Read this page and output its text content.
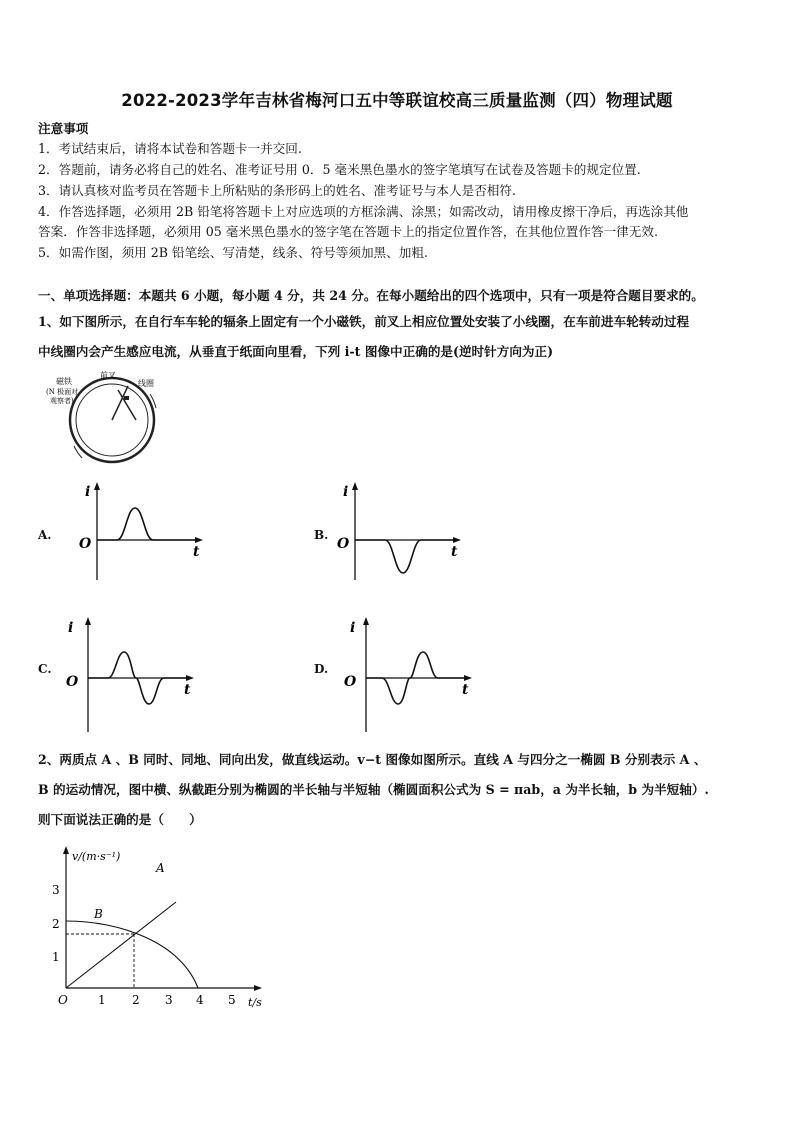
2022-2023学年吉林省梅河口五中等联谊校高三质量监测（四）物理试题
注意事项
1．考试结束后，请将本试卷和答题卡一并交回.
2．答题前，请务必将自己的姓名、准考证号用 0．5 毫米黑色墨水的签字笔填写在试卷及答题卡的规定位置.
3．请认真核对监考员在答题卡上所粘贴的条形码上的姓名、准考证号与本人是否相符.
4．作答选择题，必须用 2B 铅笔将答题卡上对应选项的方框涂满、涂黑；如需改动，请用橡皮擦干净后，再选涂其他
答案．作答非选择题，必须用 05 毫米黑色墨水的签字笔在答题卡上的指定位置作答，在其他位置作答一律无效.
5．如需作图，须用 2B 铅笔绘、写清楚，线条、符号等须加黑、加粗.
一、单项选择题：本题共 6 小题，每小题 4 分，共 24 分。在每小题给出的四个选项中，只有一项是符合题目要求的。
1、如下图所示，在自行车车轮的辐条上固定有一个小磁铁，前叉上相应位置处安装了小线圈，在车前进车轮转动过程
中线圈内会产生感应电流，从垂直于纸面向里看，下列 i-t 图像中正确的是(逆时针方向为正)
磁铁
(N 极面对
观察者)
前叉
线圈
A.
i
O	t
B.
i
O	t
C.
i
O	t
D.
i
O	t
2、两质点 A 、B 同时、同地、同向出发，做直线运动。v−t 图像如图所示。直线 A 与四分之一椭圆 B 分别表示 A 、
B 的运动情况，图中横、纵截距分别为椭圆的半长轴与半短轴（椭圆面积公式为 S = πab，a 为半长轴，b 为半短轴）.
则下面说法正确的是（　　）
v/(m·s⁻¹)
t/s
O	1 2 3 4 5
1
2
3
A
B
